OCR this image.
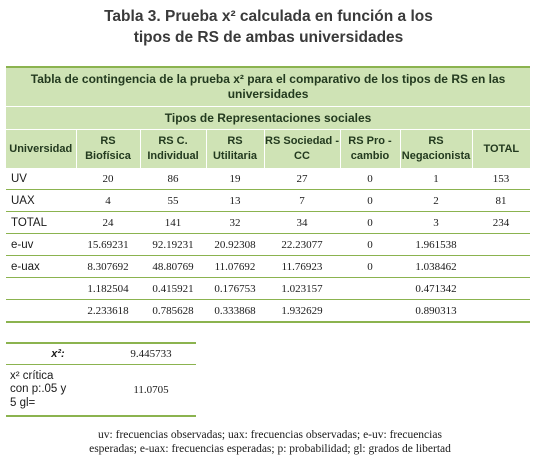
Tabla 3. Prueba x² calculada en función a los
tipos de RS de ambas universidades
Tabla de contingencia de la prueba x² para el comparativo de los tipos de RS en las universidades							
Tipos de Representaciones sociales							
Universidad	RS Biofísica	RS C. Individual	RS Utilitaria	RS Sociedad - CC	RS Pro - cambio	RS Negacionista	TOTAL
UV	20	86	19	27	0	1	153
UAX	4	55	13	7	0	2	81
TOTAL	24	141	32	34	0	3	234
e-uv	15.69231	92.19231	20.92308	22.23077	0	1.961538	
e-uax	8.307692	48.80769	11.07692	11.76923	0	1.038462	
	1.182504	0.415921	0.176753	1.023157		0.471342	
	2.233618	0.785628	0.333868	1.932629		0.890313	
x²:	9.445733

x² crítica
con p:.05 y
5 gl=	11.0705
uv: frecuencias observadas; uax: frecuencias observadas; e-uv: frecuencias
esperadas; e-uax: frecuencias esperadas; p: probabilidad; gl: grados de libertad
